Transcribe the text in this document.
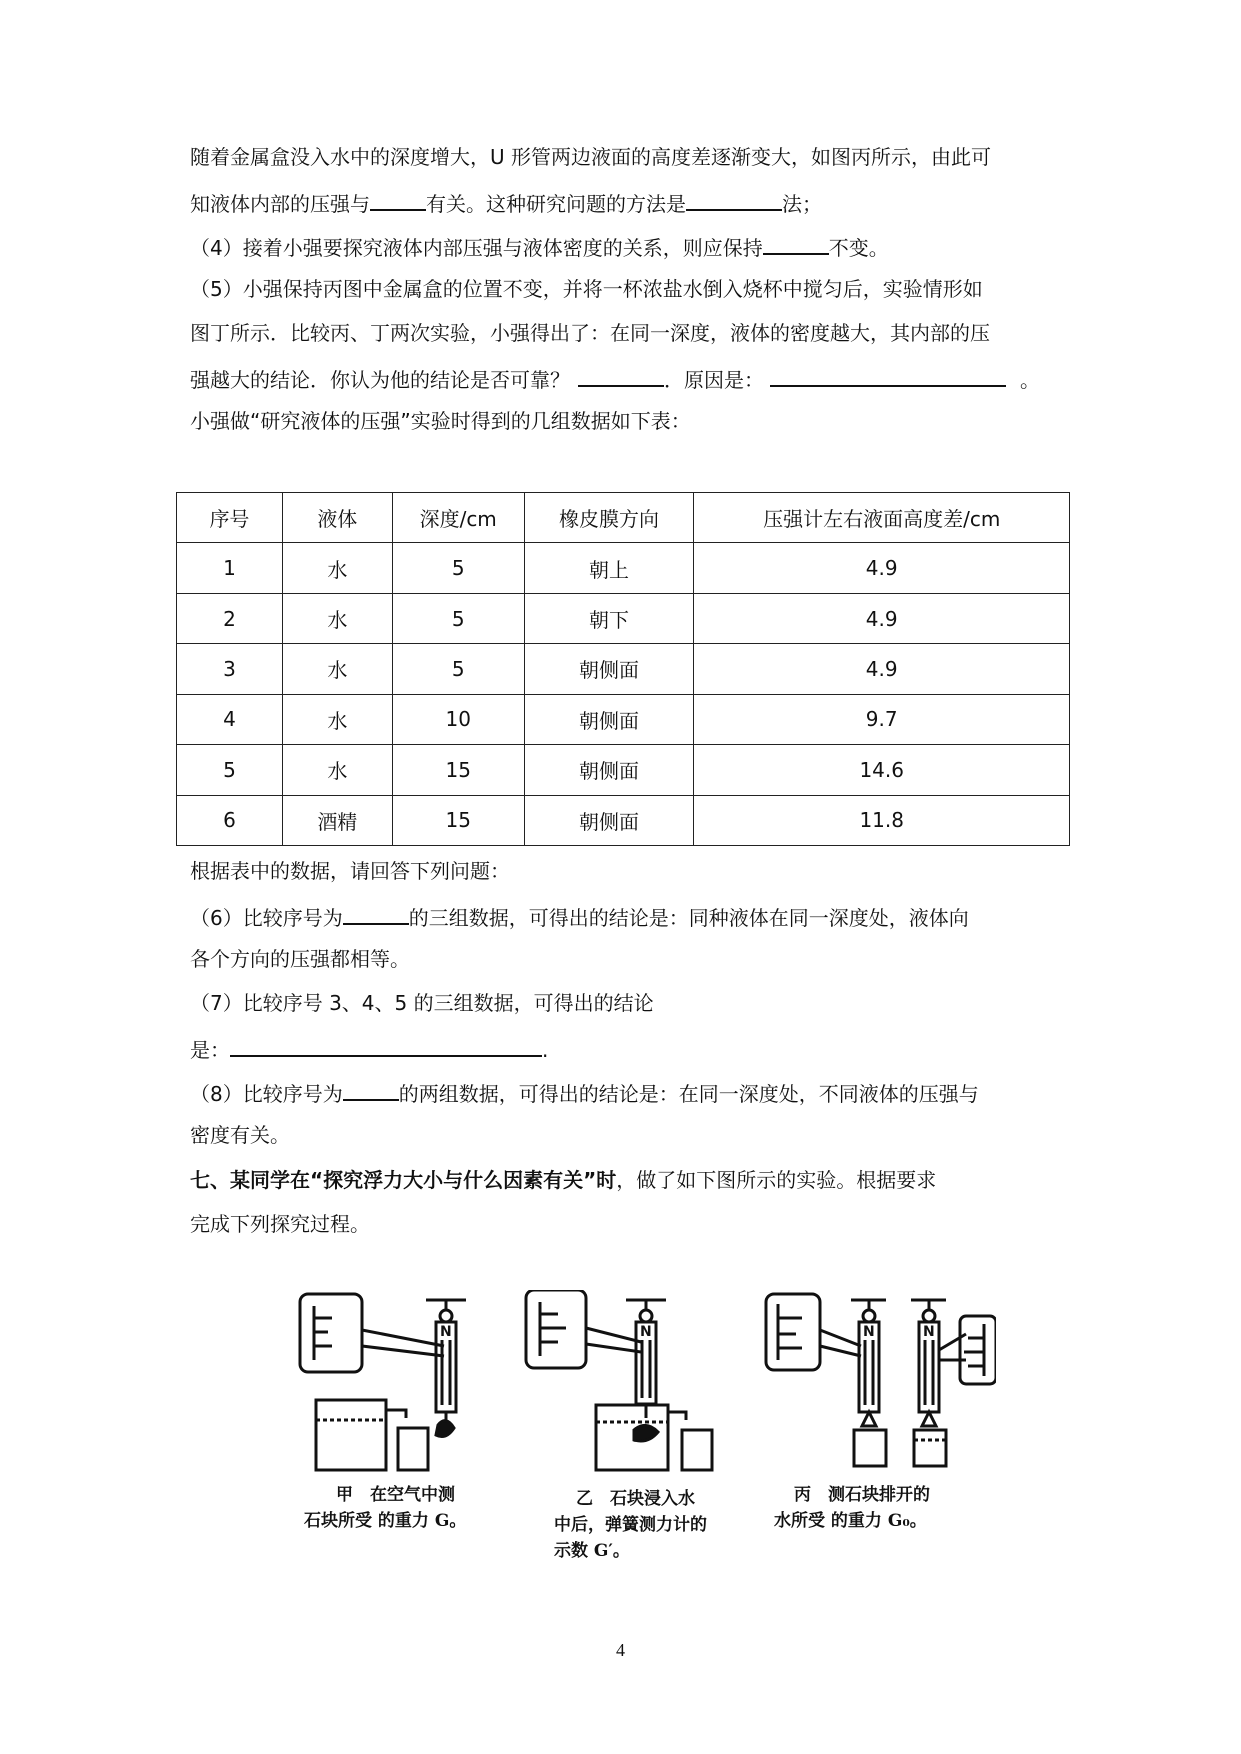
随着金属盒没入水中的深度增大，U 形管两边液面的高度差逐渐变大，如图丙所示，由此可
知液体内部的压强与	有关。这种研究问题的方法是	法；
（4）接着小强要探究液体内部压强与液体密度的关系，则应保持	不变。
（5）小强保持丙图中金属盒的位置不变，并将一杯浓盐水倒入烧杯中搅匀后，实验情形如
图丁所示．比较丙、丁两次实验，小强得出了：在同一深度，液体的密度越大，其内部的压
强越大的结论．你认为他的结论是否可靠？	．原因是：	。
小强做“研究液体的压强”实验时得到的几组数据如下表：
序号	液体	深度/cm	橡皮膜方向	压强计左右液面高度差/cm
1	水	5	朝上	4.9
2	水	5	朝下	4.9
3	水	5	朝侧面	4.9
4	水	10	朝侧面	9.7
5	水	15	朝侧面	14.6
6	酒精	15	朝侧面	11.8
根据表中的数据，请回答下列问题：
（6）比较序号为	的三组数据，可得出的结论是：同种液体在同一深度处，液体向
各个方向的压强都相等。
（7）比较序号 3、4、5 的三组数据，可得出的结论
是：	.
（8）比较序号为	的两组数据，可得出的结论是：在同一深度处，不同液体的压强与
密度有关。
七、某同学在“探究浮力大小与什么因素有关”时，做了如下图所示的实验。根据要求
完成下列探究过程。
N	N	N	N
甲　在空气中测
石块所受 的重力 G。
乙　石块浸入水
中后，弹簧测力计的
示数 G′。
丙　测石块排开的
水所受 的重力 G₀。
4
